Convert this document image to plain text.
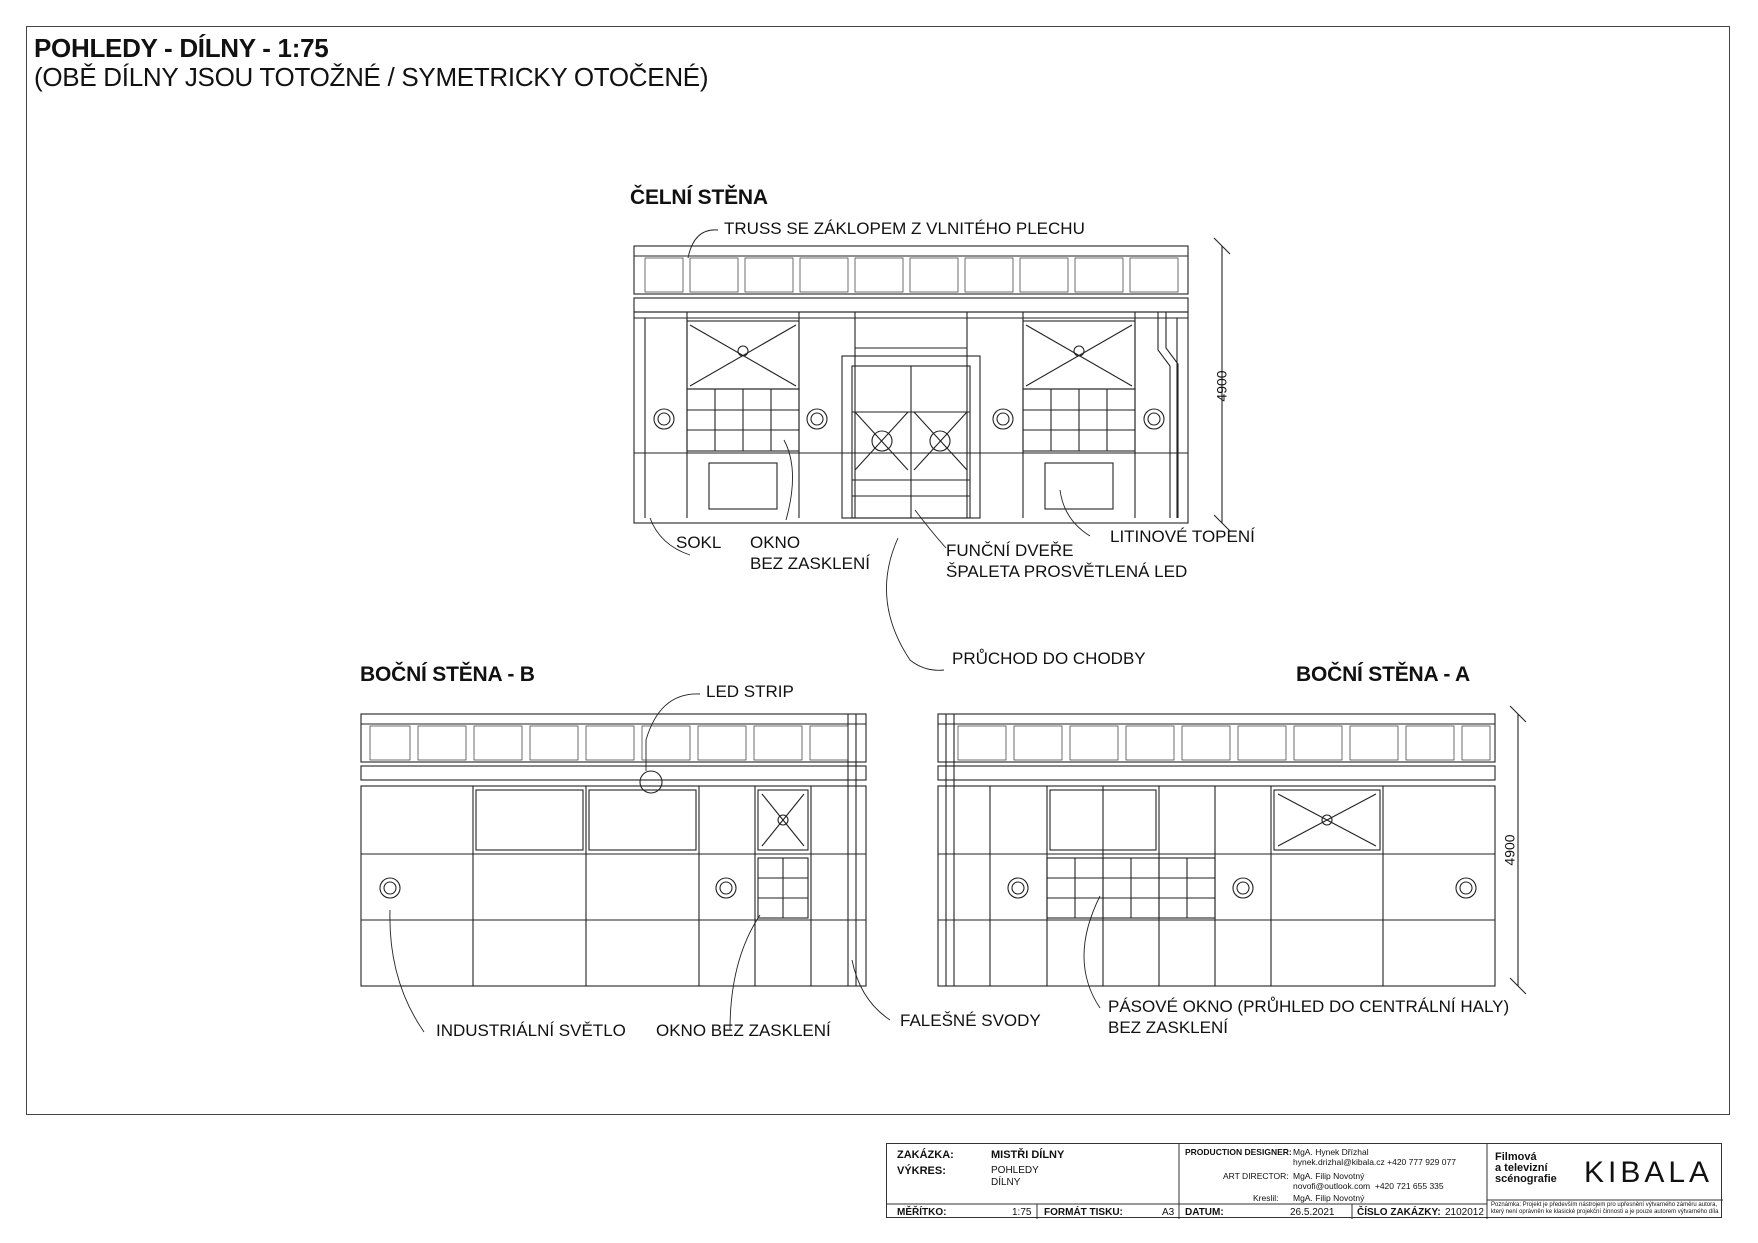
POHLEDY - DÍLNY - 1:75
(OBĚ DÍLNY JSOU TOTOŽNÉ / SYMETRICKY OTOČENÉ)
ČELNÍ STĚNA
BOČNÍ STĚNA - B	BOČNÍ STĚNA - A
4900
4900
TRUSS SE ZÁKLOPEM Z VLNITÉHO PLECHU
SOKL OKNO
BEZ ZASKLENÍ
FUNČNÍ DVEŘE
ŠPALETA PROSVĚTLENÁ LED
LITINOVÉ TOPENÍ
PRŮCHOD DO CHODBY
LED STRIP
INDUSTRIÁLNÍ SVĚTLO OKNO BEZ ZASKLENÍ
FALEŠNÉ SVODY
PÁSOVÉ OKNO (PRŮHLED DO CENTRÁLNÍ HALY)
BEZ ZASKLENÍ
ZAKÁZKA:	MISTŘI DÍLNY
VÝKRES:	POHLEDY
DÍLNY
MĚŘÍTKO:	1:75 FORMÁT TISKU:	A3
PRODUCTION DESIGNER: MgA. Hynek Dřízhal
hynek.drizhal@kibala.cz +420 777 929 077
ART DIRECTOR: MgA. Filip Novotný
novofi@outlook.com  +420 721 655 335
Kreslil: MgA. Filip Novotný
DATUM:	26.5.2021 ČÍSLO ZAKÁZKY: 2102012
Filmová
a televizní
scénografie KIBALA
Poznámka: Projekt je především nástrojem pro upřesnění výtvarného záměru autora,
který není oprávněn ke klasické projekční činnosti a je pouze autorem výtvarného díla
